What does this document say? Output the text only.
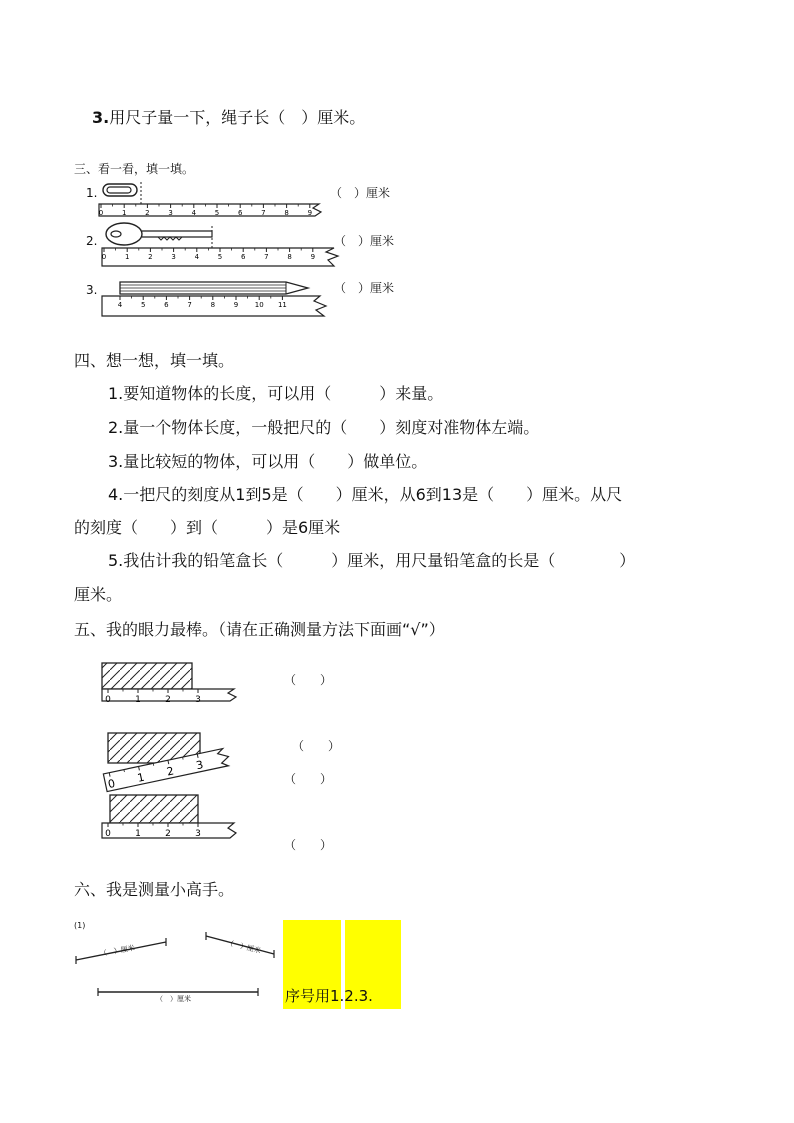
3.用尺子量一下，绳子长（　）厘米。
三、看一看，填一填。
1.	（　）厘米
0	1	2	3	4	5	6	7	8	9
2.	（　）厘米
0	1	2	3	4	5	6	7	8	9
3.	（　）厘米
4	5	6	7	8	9 10 11
四、想一想，填一填。
1.要知道物体的长度，可以用（　　　）来量。
2.量一个物体长度，一般把尺的（　　）刻度对准物体左端。
3.量比较短的物体，可以用（　　）做单位。
4.一把尺的刻度从1到5是（　　）厘米，从6到13是（　　）厘米。从尺
的刻度（　　）到（　　　）是6厘米
5.我估计我的铅笔盒长（　　　）厘米，用尺量铅笔盒的长是（　　　　）
厘米。
五、我的眼力最棒。（请在正确测量方法下面画“√”）
0	1	2	3
（　　）
0 1 2 3
（　　）
（　　）
0	1	2	3
（　　）
六、我是测量小高手。
(1)
（　）厘米	（　）厘米
（　）厘米	序号用1.2.3.
